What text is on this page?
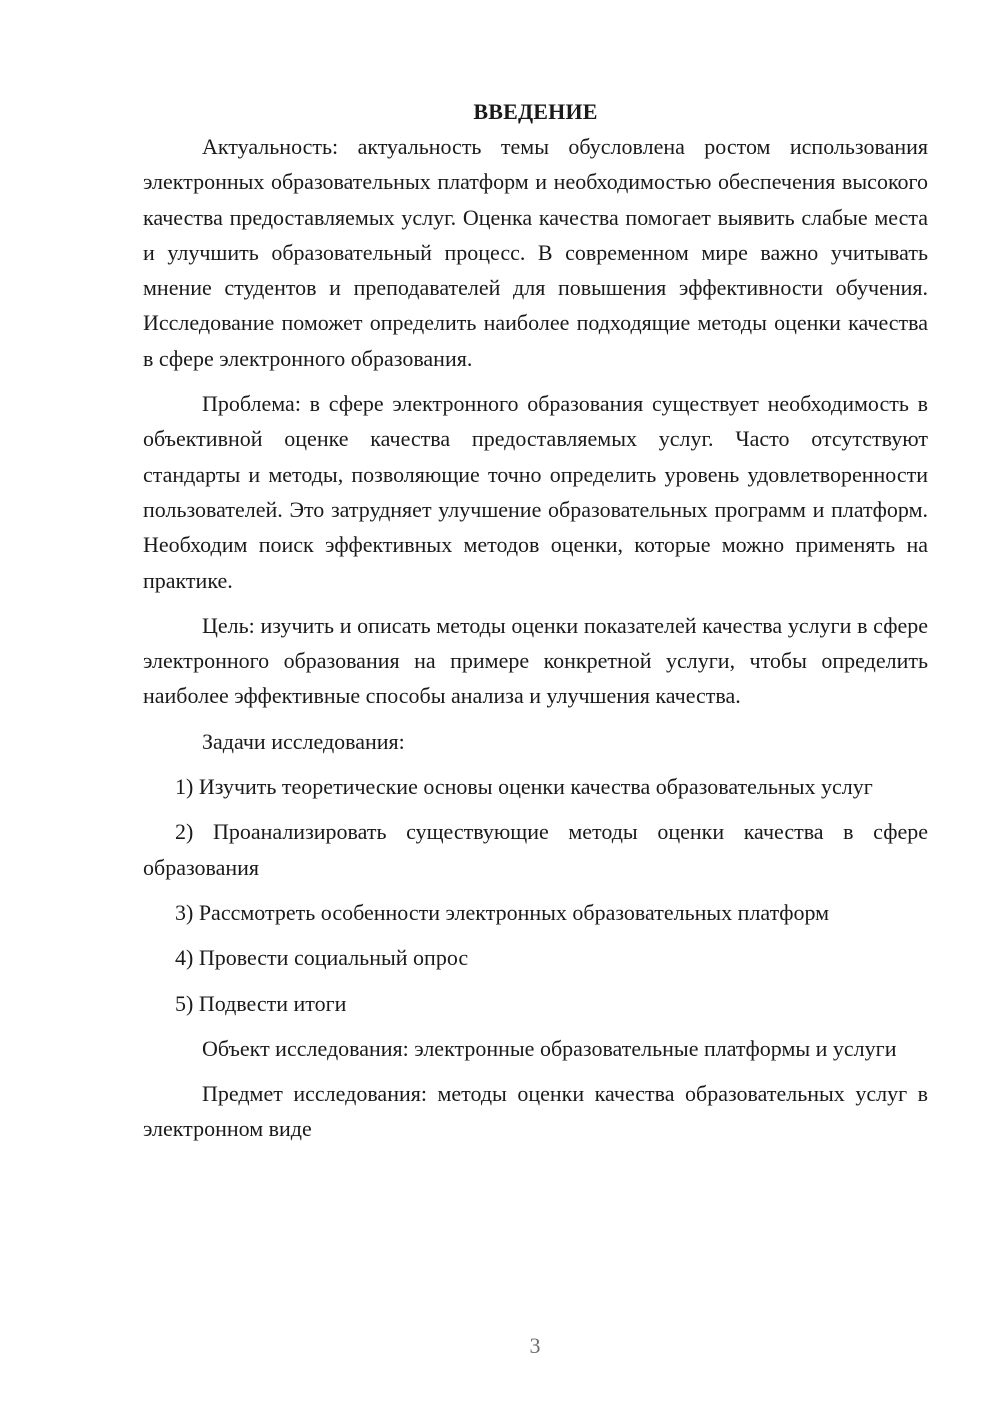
ВВЕДЕНИЕ

Актуальность: актуальность темы обусловлена ростом использования электронных образовательных платформ и необходимостью обеспечения высокого качества предоставляемых услуг. Оценка качества помогает выявить слабые места и улучшить образовательный процесс. В современном мире важно учитывать мнение студентов и преподавателей для повышения эффективности обучения. Исследование поможет определить наиболее подходящие методы оценки качества в сфере электронного образования.

Проблема: в сфере электронного образования существует необходимость в объективной оценке качества предоставляемых услуг. Часто отсутствуют стандарты и методы, позволяющие точно определить уровень удовлетворенности пользователей. Это затрудняет улучшение образовательных программ и платформ. Необходим поиск эффективных методов оценки, которые можно применять на практике.

Цель: изучить и описать методы оценки показателей качества услуги в сфере электронного образования на примере конкретной услуги, чтобы определить наиболее эффективные способы анализа и улучшения качества.

Задачи исследования:

1) Изучить теоретические основы оценки качества образовательных услуг

2) Проанализировать существующие методы оценки качества в сфере образования

3) Рассмотреть особенности электронных образовательных платформ

4) Провести социальный опрос

5) Подвести итоги

Объект исследования: электронные образовательные платформы и услуги

Предмет исследования: методы оценки качества образовательных услуг в электронном виде

3
